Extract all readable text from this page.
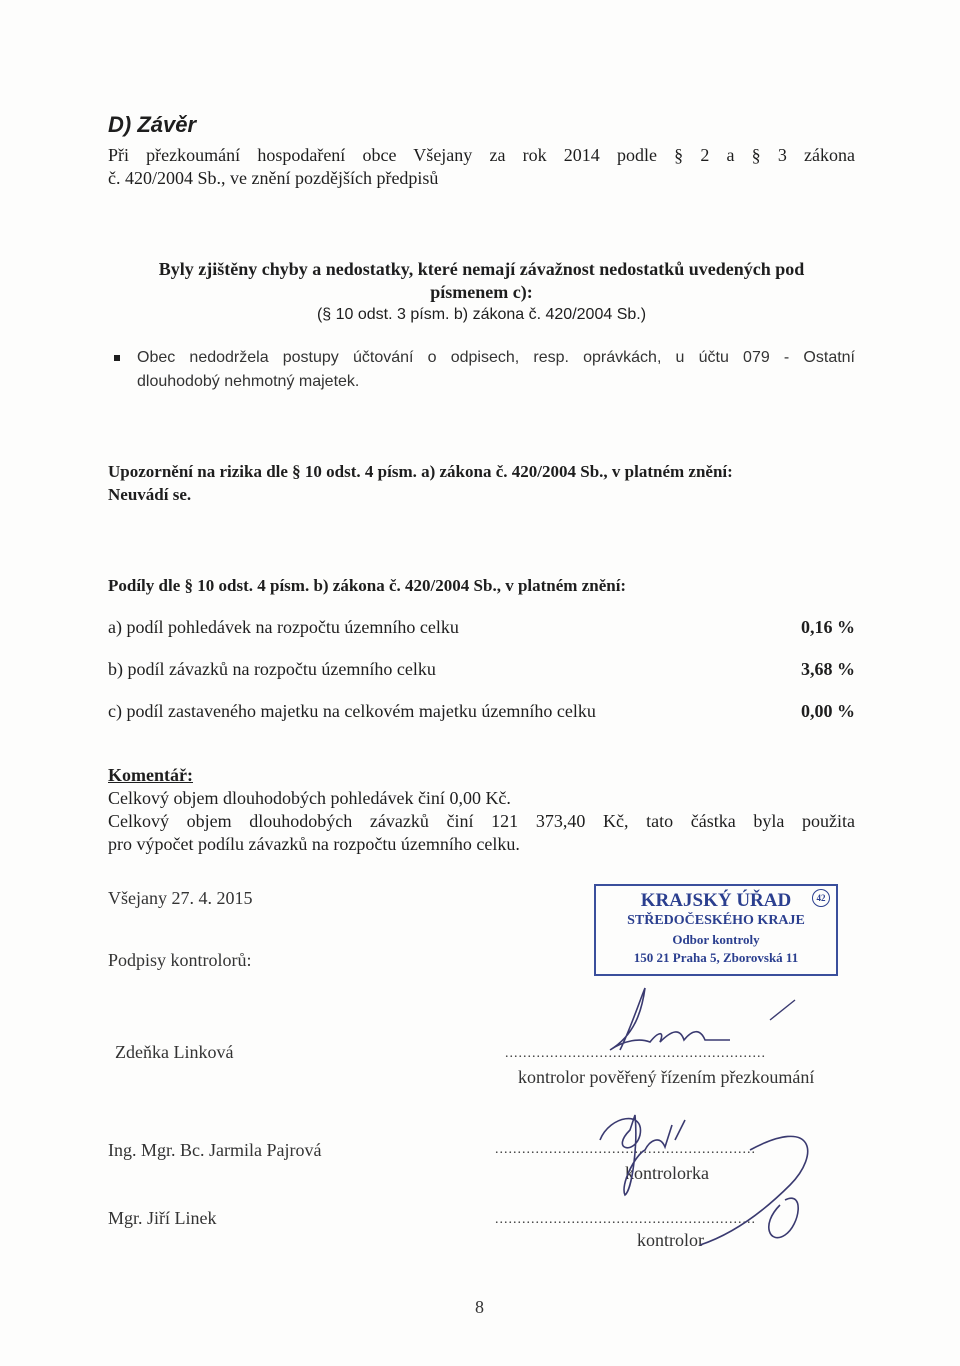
D) Závěr
Při přezkoumání hospodaření obce Všejany za rok 2014 podle § 2 a § 3 zákona
č. 420/2004 Sb., ve znění pozdějších předpisů
Byly zjištěny chyby a nedostatky, které nemají závažnost nedostatků uvedených pod
písmenem c):
(§ 10 odst. 3 písm. b) zákona č. 420/2004 Sb.)
Obec nedodržela postupy účtování o odpisech, resp. oprávkách, u účtu 079 - Ostatní
dlouhodobý nehmotný majetek.
Upozornění na rizika dle § 10 odst. 4 písm. a) zákona č. 420/2004 Sb., v platném znění:
Neuvádí se.
Podíly dle § 10 odst. 4 písm. b) zákona č. 420/2004 Sb., v platném znění:
a) podíl pohledávek na rozpočtu územního celku	0,16 %
b) podíl závazků na rozpočtu územního celku	3,68 %
c) podíl zastaveného majetku na celkovém majetku územního celku	0,00 %
Komentář:
Celkový objem dlouhodobých pohledávek činí 0,00 Kč.
Celkový objem dlouhodobých závazků činí 121 373,40 Kč, tato částka byla použita
pro výpočet podílu závazků na rozpočtu územního celku.
Všejany 27. 4. 2015
Podpisy kontrolorů:
42
KRAJSKÝ ÚŘAD
STŘEDOČESKÉHO KRAJE
Odbor kontroly
150 21 Praha 5, Zborovská 11
Zdeňka Linková	..........................................................
kontrolor pověřený řízením přezkoumání
Ing. Mgr. Bc. Jarmila Pajrová	..........................................................
kontrolorka
Mgr. Jiří Linek	..........................................................
kontrolor
8
